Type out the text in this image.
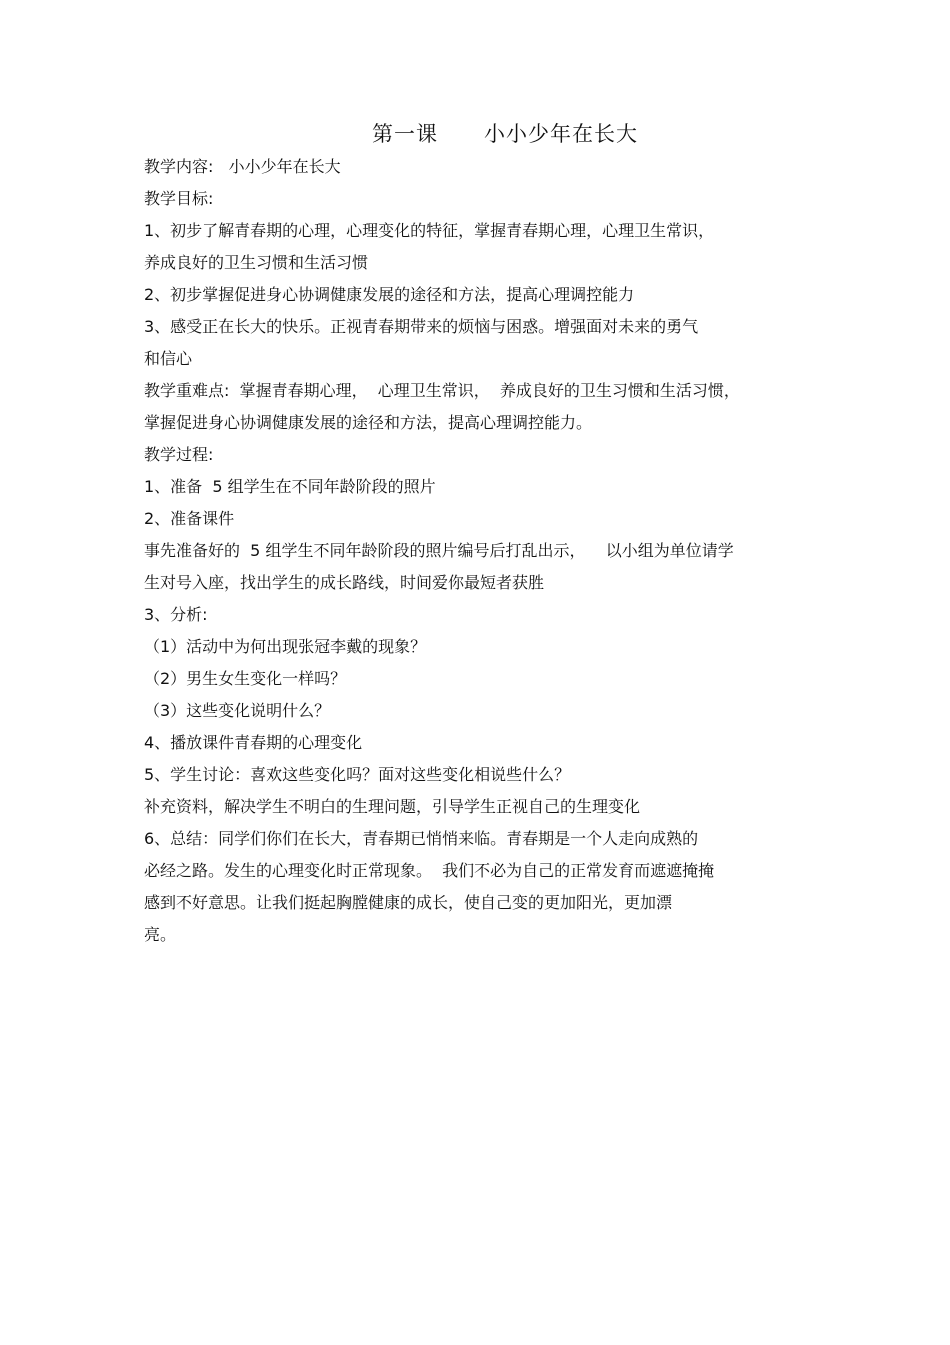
第一课      小小少年在长大
教学内容:   小小少年在长大
教学目标:
1、初步了解青春期的心理，心理变化的特征，掌握青春期心理，心理卫生常识，
养成良好的卫生习惯和生活习惯
2、初步掌握促进身心协调健康发展的途径和方法，提高心理调控能力
3、感受正在长大的快乐。正视青春期带来的烦恼与困惑。增强面对未来的勇气
和信心
教学重难点:  掌握青春期心理，  心理卫生常识，  养成良好的卫生习惯和生活习惯，
掌握促进身心协调健康发展的途径和方法，提高心理调控能力。
教学过程:
1、准备  5 组学生在不同年龄阶段的照片
2、准备课件
事先准备好的  5 组学生不同年龄阶段的照片编号后打乱出示，    以小组为单位请学
生对号入座，找出学生的成长路线，时间爱你最短者获胜
3、分析:
（1）活动中为何出现张冠李戴的现象？
（2）男生女生变化一样吗？
（3）这些变化说明什么？
4、播放课件青春期的心理变化
5、学生讨论：喜欢这些变化吗？面对这些变化相说些什么？
补充资料，解决学生不明白的生理问题，引导学生正视自己的生理变化
6、总结：同学们你们在长大，青春期已悄悄来临。青春期是一个人走向成熟的
必经之路。发生的心理变化时正常现象。  我们不必为自己的正常发育而遮遮掩掩
感到不好意思。让我们挺起胸膛健康的成长，使自己变的更加阳光，更加漂
亮。
